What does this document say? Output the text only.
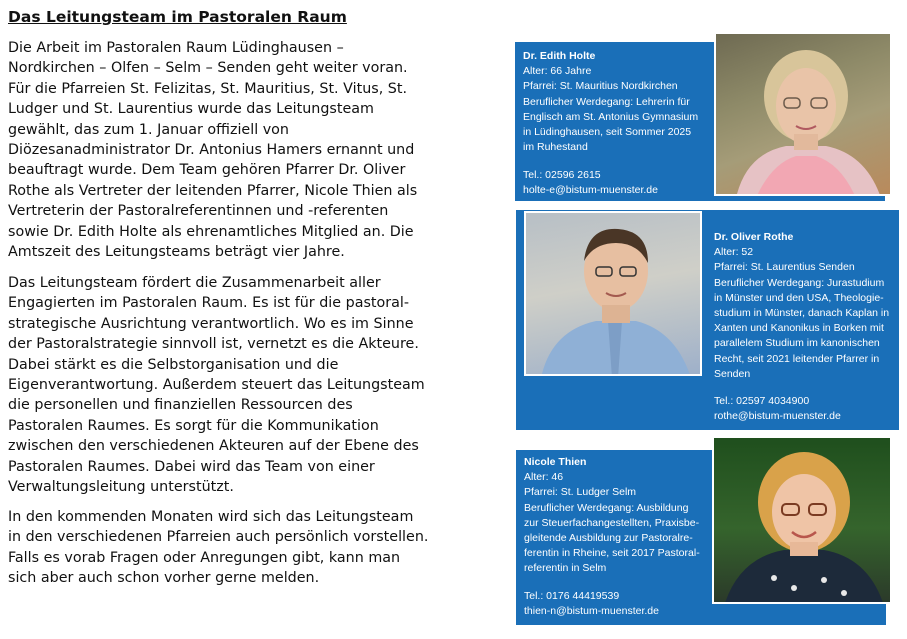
Das Leitungsteam im Pastoralen Raum
Die Arbeit im Pastoralen Raum Lüdinghausen –
Nordkirchen – Olfen – Selm – Senden geht weiter voran.
Für die Pfarreien St. Felizitas, St. Mauritius, St. Vitus, St.
Ludger und St. Laurentius wurde das Leitungsteam
gewählt, das zum 1. Januar offiziell von
Diözesanadministrator Dr. Antonius Hamers ernannt und
beauftragt wurde. Dem Team gehören Pfarrer Dr. Oliver
Rothe als Vertreter der leitenden Pfarrer, Nicole Thien als
Vertreterin der Pastoralreferentinnen und -referenten
sowie Dr. Edith Holte als ehrenamtliches Mitglied an. Die
Amtszeit des Leitungsteams beträgt vier Jahre.
Das Leitungsteam fördert die Zusammenarbeit aller
Engagierten im Pastoralen Raum. Es ist für die pastoral-
strategische Ausrichtung verantwortlich. Wo es im Sinne
der Pastoralstrategie sinnvoll ist, vernetzt es die Akteure.
Dabei stärkt es die Selbstorganisation und die
Eigenverantwortung. Außerdem steuert das Leitungsteam
die personellen und finanziellen Ressourcen des
Pastoralen Raumes. Es sorgt für die Kommunikation
zwischen den verschiedenen Akteuren auf der Ebene des
Pastoralen Raumes. Dabei wird das Team von einer
Verwaltungsleitung unterstützt.
In den kommenden Monaten wird sich das Leitungsteam
in den verschiedenen Pfarreien auch persönlich vorstellen.
Falls es vorab Fragen oder Anregungen gibt, kann man
sich aber auch schon vorher gerne melden.
Dr. Edith Holte
Alter: 66 Jahre
Pfarrei: St. Mauritius Nordkirchen
Beruflicher Werdegang: Lehrerin für
Englisch am St. Antonius Gymnasium
in Lüdinghausen, seit Sommer 2025
im Ruhestand
Tel.: 02596 2615
holte-e@bistum-muenster.de
Dr. Oliver Rothe
Alter: 52
Pfarrei: St. Laurentius Senden
Beruflicher Werdegang: Jurastudium
in Münster und den USA, Theologie-
studium in Münster, danach Kaplan in
Xanten und Kanonikus in Borken mit
parallelem Studium im kanonischen
Recht, seit 2021 leitender Pfarrer in
Senden
Tel.: 02597 4034900
rothe@bistum-muenster.de
Nicole Thien
Alter: 46
Pfarrei: St. Ludger Selm
Beruflicher Werdegang: Ausbildung
zur Steuerfachangestellten, Praxisbe-
gleitende Ausbildung zur Pastoralre-
ferentin in Rheine, seit 2017 Pastoral-
referentin in Selm
Tel.: 0176 44419539
thien-n@bistum-muenster.de
